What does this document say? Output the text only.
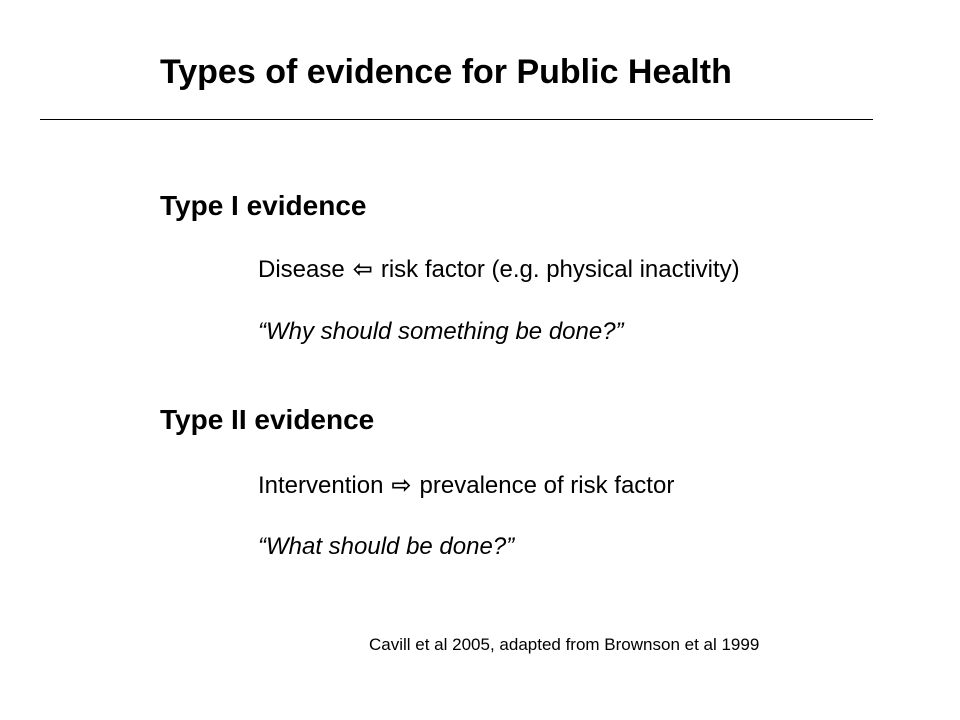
Types of evidence for Public Health
Type I evidence
Disease ⇦ risk factor (e.g. physical inactivity)
“Why should something be done?”
Type II evidence
Intervention ⇨ prevalence of risk factor
“What should be done?”
Cavill et al 2005, adapted from Brownson et al 1999
